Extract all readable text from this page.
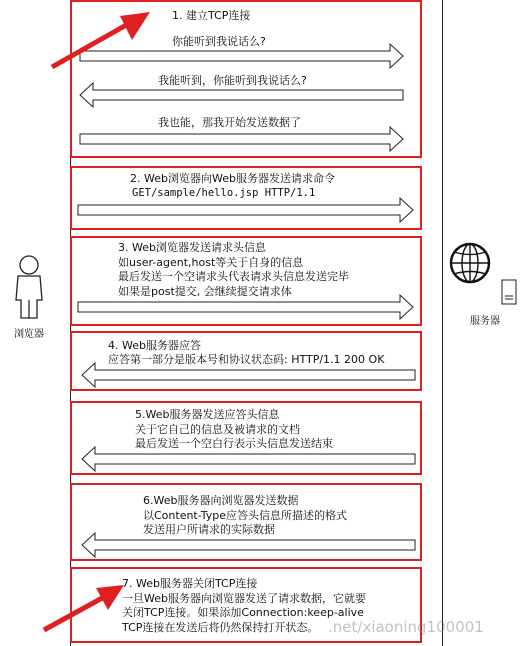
浏览器
服务器
1. 建立TCP连接
你能听到我说话么?
我能听到，你能听到我说话么?
我也能，那我开始发送数据了
2. Web浏览器向Web服务器发送请求命令
GET/sample/hello.jsp HTTP/1.1
3. Web浏览器发送请求头信息
如user-agent,host等关于自身的信息
最后发送一个空请求头代表请求头信息发送完毕
如果是post提交, 会继续提交请求体
4. Web服务器应答
应答第一部分是版本号和协议状态码: HTTP/1.1 200 OK
5.Web服务器发送应答头信息
关于它自己的信息及被请求的文档
最后发送一个空白行表示头信息发送结束
6.Web服务器向浏览器发送数据
以Content-Type应答头信息所描述的格式
发送用户所请求的实际数据
7. Web服务器关闭TCP连接
一旦Web服务器向浏览器发送了请求数据，它就要
关闭TCP连接。如果添加Connection:keep-alive
TCP连接在发送后将仍然保持打开状态。 .net/xiaoning100001
